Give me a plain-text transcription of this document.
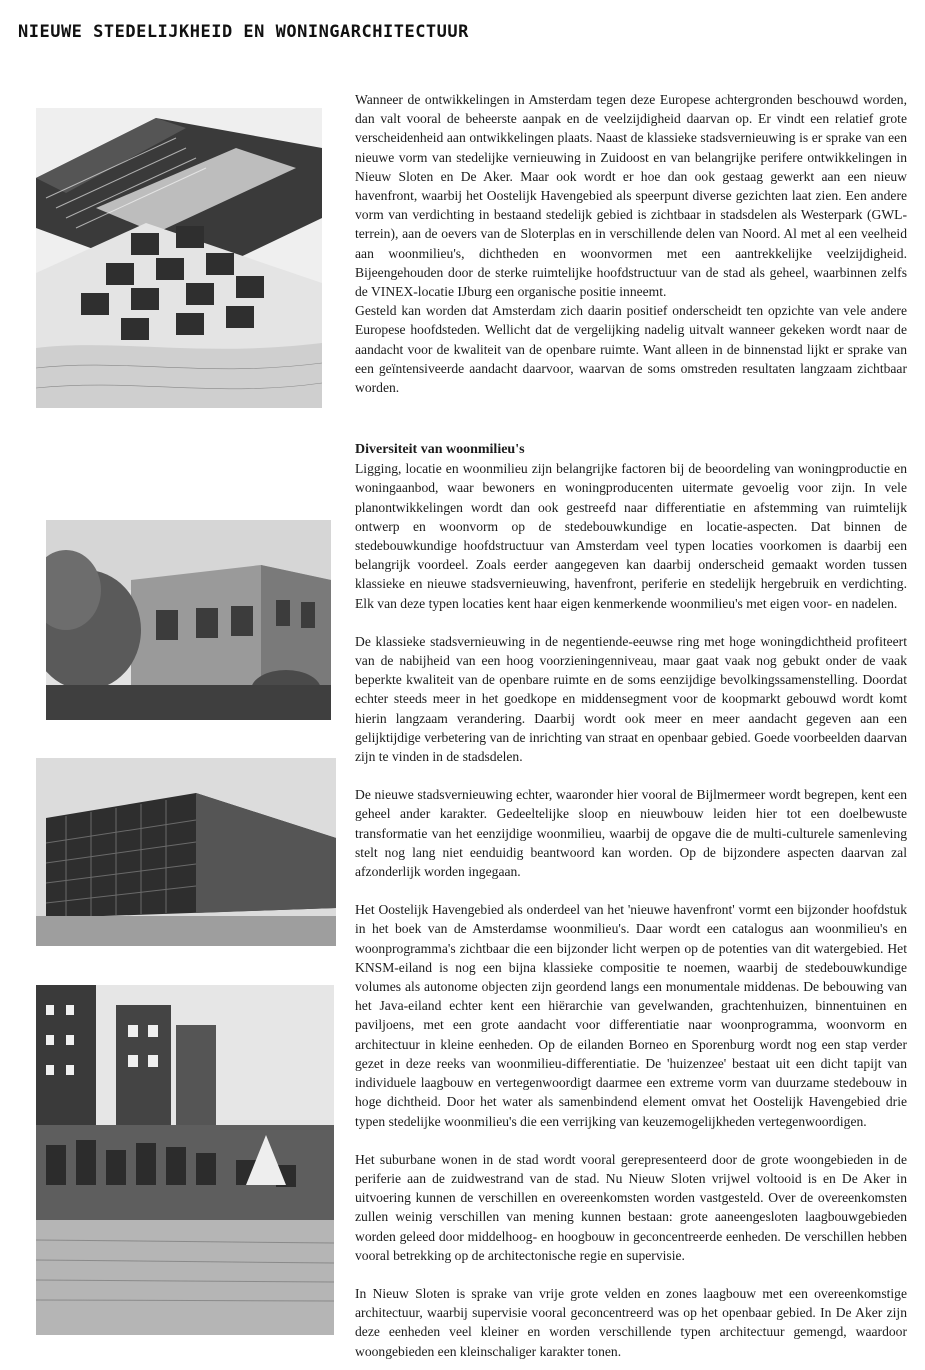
NIEUWE STEDELIJKHEID EN WONINGARCHITECTUUR

Wanneer de ontwikkelingen in Amsterdam tegen deze Europese achtergronden beschouwd worden, dan valt vooral de beheerste aanpak en de veelzijdigheid daarvan op. Er vindt een relatief grote verscheidenheid aan ontwikkelingen plaats. Naast de klassieke stadsvernieuwing is er sprake van een nieuwe vorm van stedelijke vernieuwing in Zuidoost en van belangrijke perifere ontwikkelingen in Nieuw Sloten en De Aker. Maar ook wordt er hoe dan ook gestaag gewerkt aan een nieuw havenfront, waarbij het Oostelijk Havengebied als speerpunt diverse gezichten laat zien. Een andere vorm van verdichting in bestaand stedelijk gebied is zichtbaar in stadsdelen als Westerpark (GWL-terrein), aan de oevers van de Sloterplas en in verschillende delen van Noord. Al met al een veelheid aan woonmilieu's, dichtheden en woonvormen met een aantrekkelijke veelzijdigheid. Bijeengehouden door de sterke ruimtelijke hoofdstructuur van de stad als geheel, waarbinnen zelfs de VINEX-locatie IJburg een organische positie inneemt.

Gesteld kan worden dat Amsterdam zich daarin positief onderscheidt ten opzichte van vele andere Europese hoofdsteden. Wellicht dat de vergelijking nadelig uitvalt wanneer gekeken wordt naar de aandacht voor de kwaliteit van de openbare ruimte. Want alleen in de binnenstad lijkt er sprake van een geïntensiveerde aandacht daarvoor, waarvan de soms omstreden resultaten langzaam zichtbaar worden.

Diversiteit van woonmilieu's

Ligging, locatie en woonmilieu zijn belangrijke factoren bij de beoordeling van woningproductie en woningaanbod, waar bewoners en woningproducenten uitermate gevoelig voor zijn. In vele planontwikkelingen wordt dan ook gestreefd naar differentiatie en afstemming van ruimtelijk ontwerp en woonvorm op de stedebouwkundige en locatie-aspecten. Dat binnen de stedebouwkundige hoofdstructuur van Amsterdam veel typen locaties voorkomen is daarbij een belangrijk voordeel. Zoals eerder aangegeven kan daarbij onderscheid gemaakt worden tussen klassieke en nieuwe stadsvernieuwing, havenfront, periferie en stedelijk hergebruik en verdichting. Elk van deze typen locaties kent haar eigen kenmerkende woonmilieu's met eigen voor- en nadelen.

De klassieke stadsvernieuwing in de negentiende-eeuwse ring met hoge woningdichtheid profiteert van de nabijheid van een hoog voorzieningenniveau, maar gaat vaak nog gebukt onder de vaak beperkte kwaliteit van de openbare ruimte en de soms eenzijdige bevolkingssamenstelling. Doordat echter steeds meer in het goedkope en middensegment voor de koopmarkt gebouwd wordt komt hierin langzaam verandering. Daarbij wordt ook meer en meer aandacht gegeven aan een gelijktijdige verbetering van de inrichting van straat en openbaar gebied. Goede voorbeelden daarvan zijn te vinden in de stadsdelen.

De nieuwe stadsvernieuwing echter, waaronder hier vooral de Bijlmermeer wordt begrepen, kent een geheel ander karakter. Gedeeltelijke sloop en nieuwbouw leiden hier tot een doelbewuste transformatie van het eenzijdige woonmilieu, waarbij de opgave die de multi-culturele samenleving stelt nog lang niet eenduidig beantwoord kan worden. Op de bijzondere aspecten daarvan zal afzonderlijk worden ingegaan.

Het Oostelijk Havengebied als onderdeel van het 'nieuwe havenfront' vormt een bijzonder hoofdstuk in het boek van de Amsterdamse woonmilieu's. Daar wordt een catalogus aan woonmilieu's en woonprogramma's zichtbaar die een bijzonder licht werpen op de potenties van dit watergebied. Het KNSM-eiland is nog een bijna klassieke compositie te noemen, waarbij de stedebouwkundige volumes als autonome objecten zijn geordend langs een monumentale middenas. De bebouwing van het Java-eiland echter kent een hiërarchie van gevelwanden, grachtenhuizen, binnentuinen en paviljoens, met een grote aandacht voor differentiatie naar woonprogramma, woonvorm en architectuur in kleine eenheden. Op de eilanden Borneo en Sporenburg wordt nog een stap verder gezet in deze reeks van woonmilieu-differentiatie. De 'huizenzee' bestaat uit een dicht tapijt van individuele laagbouw en vertegenwoordigt daarmee een extreme vorm van duurzame stedebouw in hoge dichtheid. Door het water als samenbindend element omvat het Oostelijk Havengebied drie typen stedelijke woonmilieu's die een verrijking van keuzemogelijkheden vertegenwoordigen.

Het suburbane wonen in de stad wordt vooral gerepresenteerd door de grote woongebieden in de periferie aan de zuidwestrand van de stad. Nu Nieuw Sloten vrijwel voltooid is en De Aker in uitvoering kunnen de verschillen en overeenkomsten worden vastgesteld. Over de overeenkomsten zullen weinig verschillen van mening kunnen bestaan: grote aaneengesloten laagbouwgebieden worden geleed door middelhoog- en hoogbouw in geconcentreerde eenheden. De verschillen hebben vooral betrekking op de architectonische regie en supervisie.

In Nieuw Sloten is sprake van vrije grote velden en zones laagbouw met een overeenkomstige architectuur, waarbij supervisie vooral geconcentreerd was op het openbaar gebied. In De Aker zijn deze eenheden veel kleiner en worden verschillende typen architectuur gemengd, waardoor woongebieden een kleinschaliger karakter tonen.
